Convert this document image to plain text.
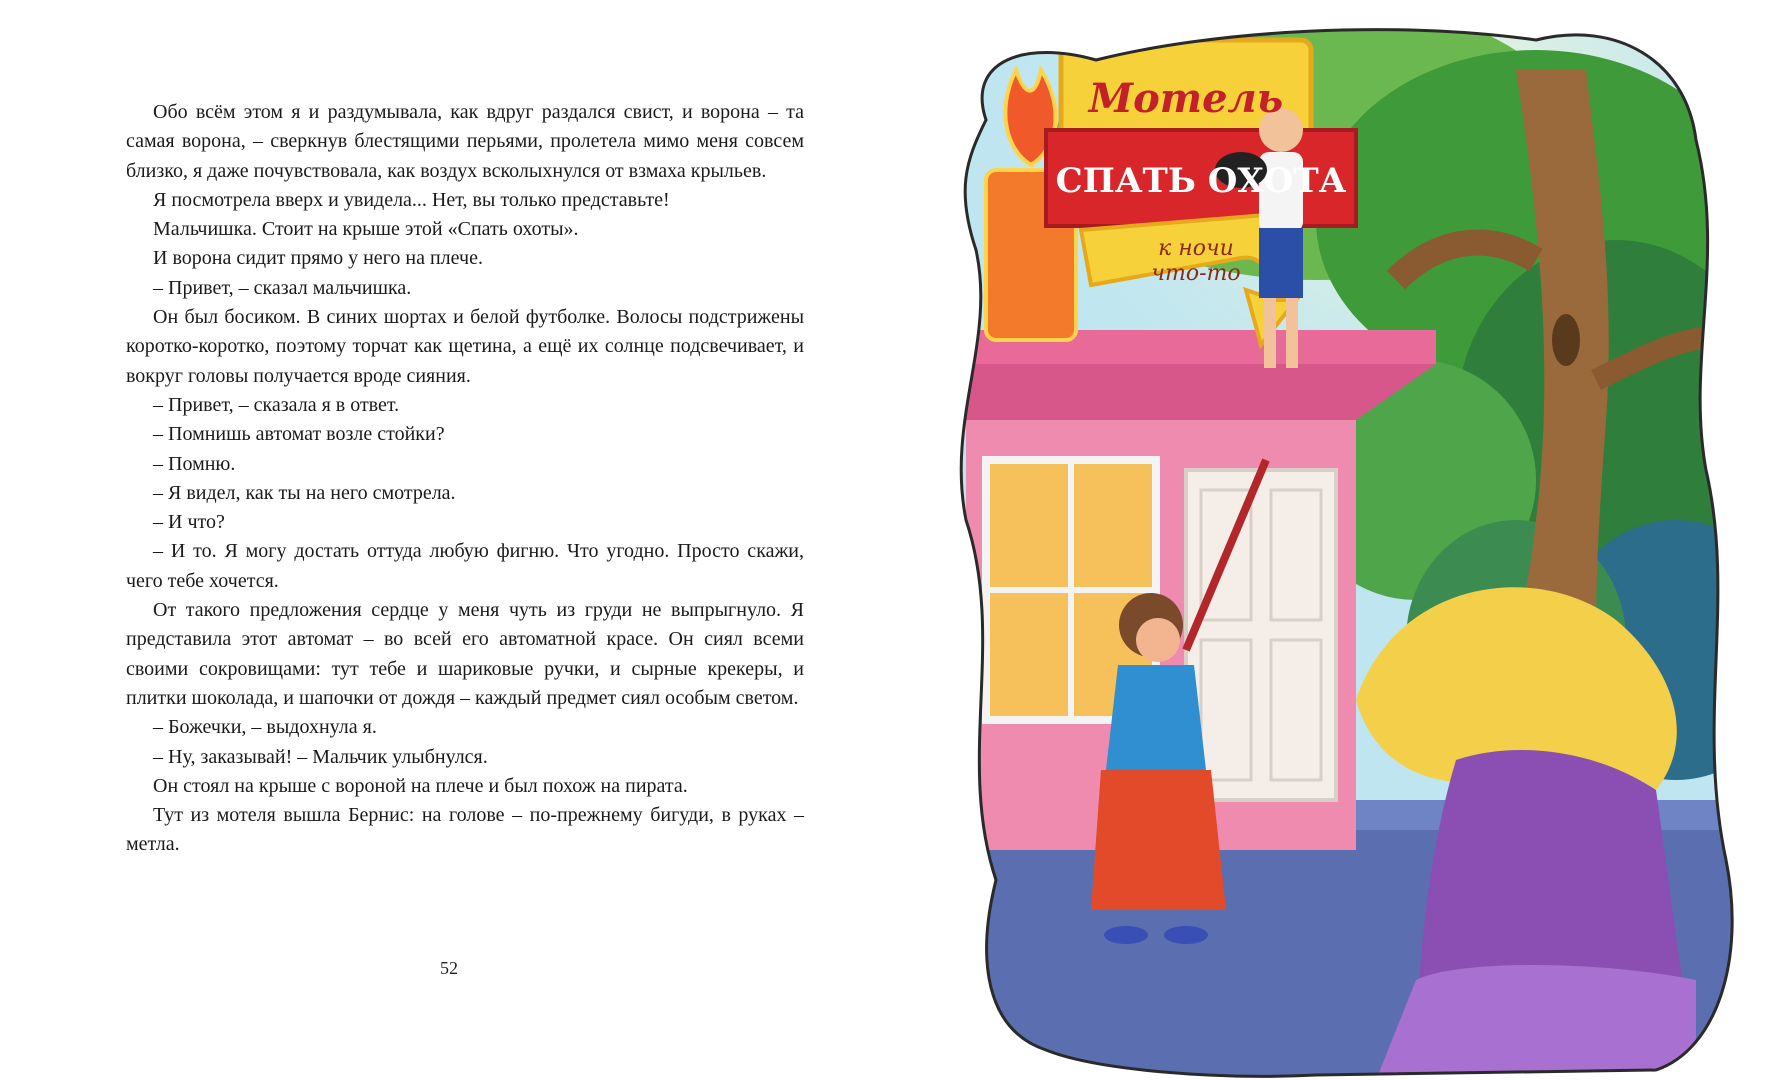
Обо всём этом я и раздумывала, как вдруг раздался свист, и ворона – та самая ворона, – сверкнув блестящими перьями, пролетела мимо меня совсем близко, я даже почувствовала, как воздух всколыхнулся от взмаха крыльев.

Я посмотрела вверх и увидела... Нет, вы только представьте!

Мальчишка. Стоит на крыше этой «Спать охоты».

И ворона сидит прямо у него на плече.

– Привет, – сказал мальчишка.

Он был босиком. В синих шортах и белой футболке. Волосы подстрижены коротко-коротко, поэтому торчат как щетина, а ещё их солнце подсвечивает, и вокруг головы получается вроде сияния.

– Привет, – сказала я в ответ.

– Помнишь автомат возле стойки?

– Помню.

– Я видел, как ты на него смотрела.

– И что?

– И то. Я могу достать оттуда любую фигню. Что угодно. Просто скажи, чего тебе хочется.

От такого предложения сердце у меня чуть из груди не выпрыгнуло. Я представила этот автомат – во всей его автоматной красе. Он сиял всеми своими сокровищами: тут тебе и шариковые ручки, и сырные крекеры, и плитки шоколада, и шапочки от дождя – каждый предмет сиял особым светом.

– Божечки, – выдохнула я.

– Ну, заказывай! – Мальчик улыбнулся.

Он стоял на крыше с вороной на плече и был похож на пирата.

Тут из мотеля вышла Бернис: на голове – по-прежнему бигуди, в руках – метла.

52
Мотель
СПАТЬ ОХОТА
к ночи
что-то
